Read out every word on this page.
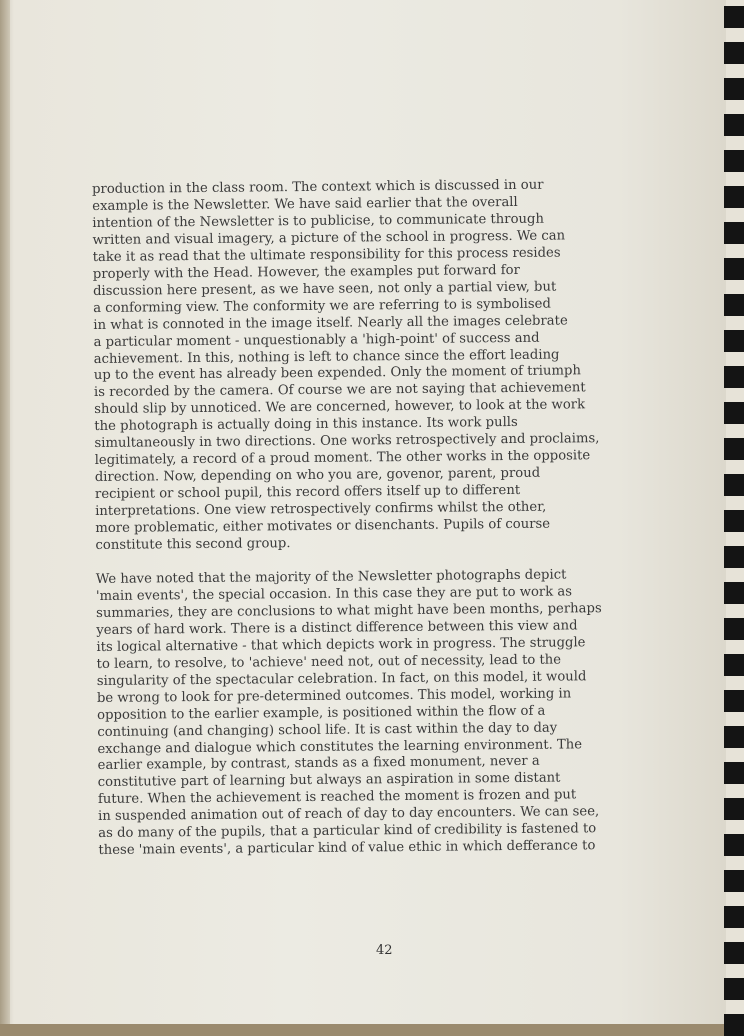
production in the class room. The context which is discussed in our
example is the Newsletter. We have said earlier that the overall
intention of the Newsletter is to publicise, to communicate through
written and visual imagery, a picture of the school in progress. We can
take it as read that the ultimate responsibility for this process resides
properly with the Head. However, the examples put forward for
discussion here present, as we have seen, not only a partial view, but
a conforming view. The conformity we are referring to is symbolised
in what is connoted in the image itself. Nearly all the images celebrate
a particular moment - unquestionably a 'high-point' of success and
achievement. In this, nothing is left to chance since the effort leading
up to the event has already been expended. Only the moment of triumph
is recorded by the camera. Of course we are not saying that achievement
should slip by unnoticed. We are concerned, however, to look at the work
the photograph is actually doing in this instance. Its work pulls
simultaneously in two directions. One works retrospectively and proclaims,
legitimately, a record of a proud moment. The other works in the opposite
direction. Now, depending on who you are, govenor, parent, proud
recipient or school pupil, this record offers itself up to different
interpretations. One view retrospectively confirms whilst the other,
more problematic, either motivates or disenchants. Pupils of course
constitute this second group.

We have noted that the majority of the Newsletter photographs depict
'main events', the special occasion. In this case they are put to work as
summaries, they are conclusions to what might have been months, perhaps
years of hard work. There is a distinct difference between this view and
its logical alternative - that which depicts work in progress. The struggle
to learn, to resolve, to 'achieve' need not, out of necessity, lead to the
singularity of the spectacular celebration. In fact, on this model, it would
be wrong to look for pre-determined outcomes. This model, working in
opposition to the earlier example, is positioned within the flow of a
continuing (and changing) school life. It is cast within the day to day
exchange and dialogue which constitutes the learning environment. The
earlier example, by contrast, stands as a fixed monument, never a
constitutive part of learning but always an aspiration in some distant
future. When the achievement is reached the moment is frozen and put
in suspended animation out of reach of day to day encounters. We can see,
as do many of the pupils, that a particular kind of credibility is fastened to
these 'main events', a particular kind of value ethic in which defferance to

42
